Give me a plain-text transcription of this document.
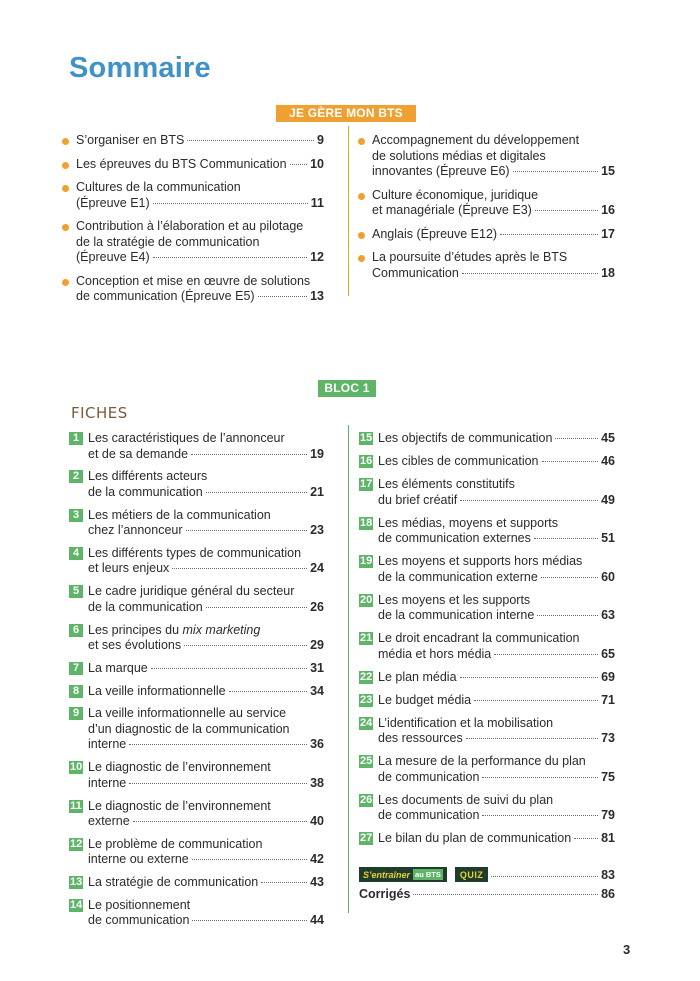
Sommaire
JE GÈRE MON BTS
S’organiser en BTS	9
Les épreuves du BTS Communication 10
Cultures de la communication
(Épreuve E1)	11
Contribution à l’élaboration et au pilotage
de la stratégie de communication
(Épreuve E4)	12
Conception et mise en œuvre de solutions
de communication (Épreuve E5)	13
Accompagnement du développement
de solutions médias et digitales
innovantes (Épreuve E6)	15
Culture économique, juridique
et managériale (Épreuve E3)	16
Anglais (Épreuve E12)	17
La poursuite d’études après le BTS
Communication	18
BLOC 1
FICHES
1 Les caractéristiques de l’annonceur
et de sa demande	19
2 Les différents acteurs
de la communication	21
3 Les métiers de la communication
chez l’annonceur	23
4 Les différents types de communication
et leurs enjeux	24
5 Le cadre juridique général du secteur
de la communication	26
6 Les principes du mix marketing
et ses évolutions	29
7 La marque	31
8 La veille informationnelle	34
9 La veille informationnelle au service
d’un diagnostic de la communication
interne	36
10 Le diagnostic de l’environnement
interne	38
11 Le diagnostic de l’environnement
externe	40
12 Le problème de communication
interne ou externe	42
13 La stratégie de communication	43
14 Le positionnement
de communication	44
15 Les objectifs de communication	45
16 Les cibles de communication	46
17 Les éléments constitutifs
du brief créatif	49
18 Les médias, moyens et supports
de communication externes	51
19 Les moyens et supports hors médias
de la communication externe	60
20 Les moyens et les supports
de la communication interne	63
21 Le droit encadrant la communication
média et hors média	65
22 Le plan média	69
23 Le budget média	71
24 L’identification et la mobilisation
des ressources	73
25 La mesure de la performance du plan
de communication	75
26 Les documents de suivi du plan
de communication	79
27 Le bilan du plan de communication 81
S’entraîner au BTS	QUIZ	83
Corrigés	86
3
